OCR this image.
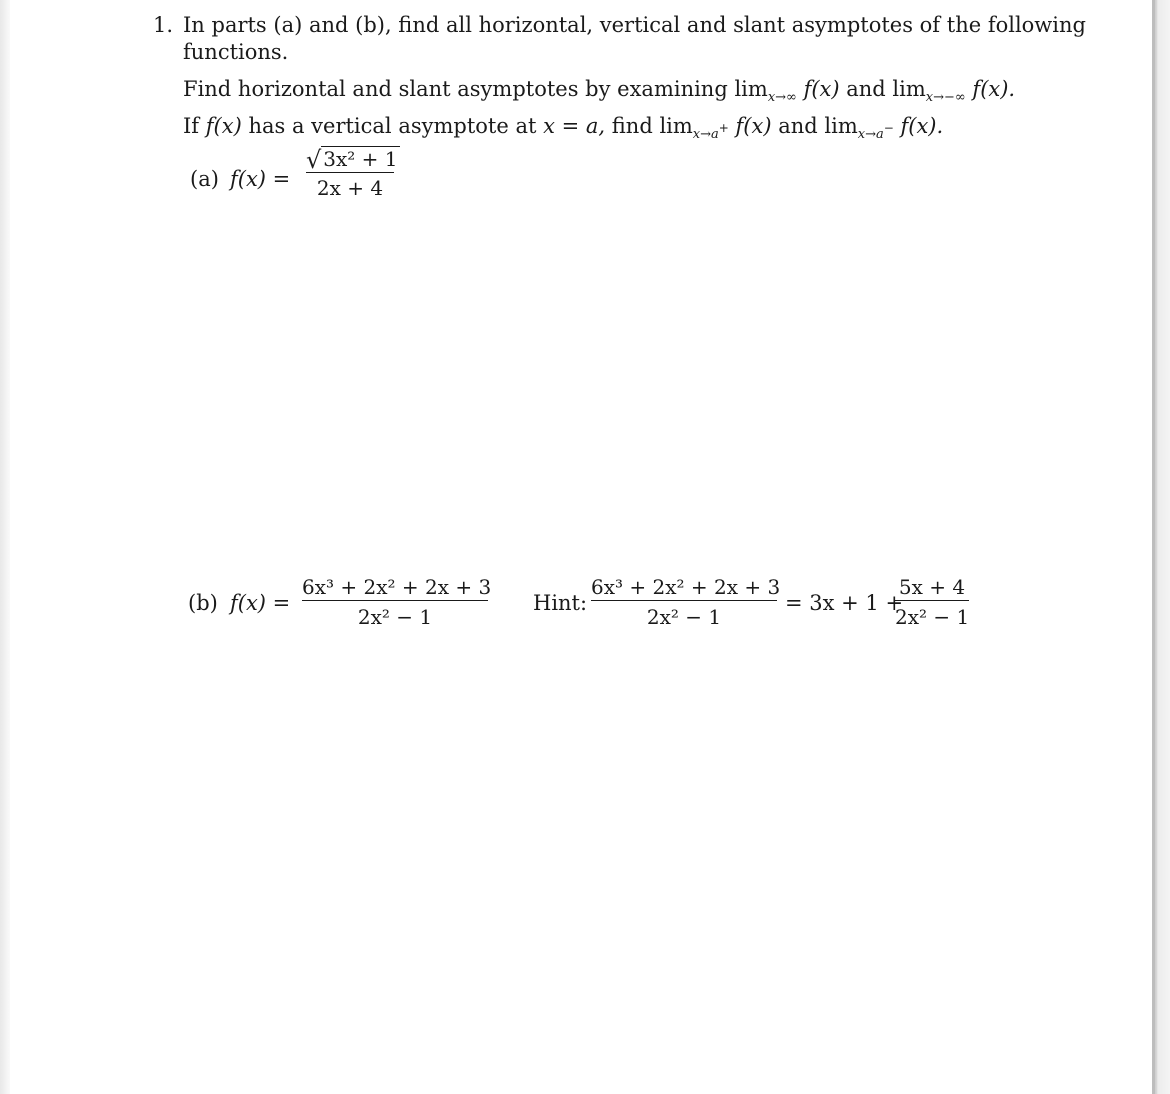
1. In parts (a) and (b), find all horizontal, vertical and slant asymptotes of the following
functions.
Find horizontal and slant asymptotes by examining $\lim_{x\to\infty} f(x)$ and $\lim_{x\to-\infty} f(x)$.
If f(x) has a vertical asymptote at x = a, find $\lim_{x\to a+} f(x)$ and $\lim_{x\to a-} f(x)$.
(a) f(x) =
√ 3x² + 1
2x + 4
(b) f(x) =
6x³ + 2x² + 2x + 3
2x² − 1
Hint:
6x³ + 2x² + 2x + 3
2x² − 1
= 3x + 1 +
5x + 4
2x² − 1
